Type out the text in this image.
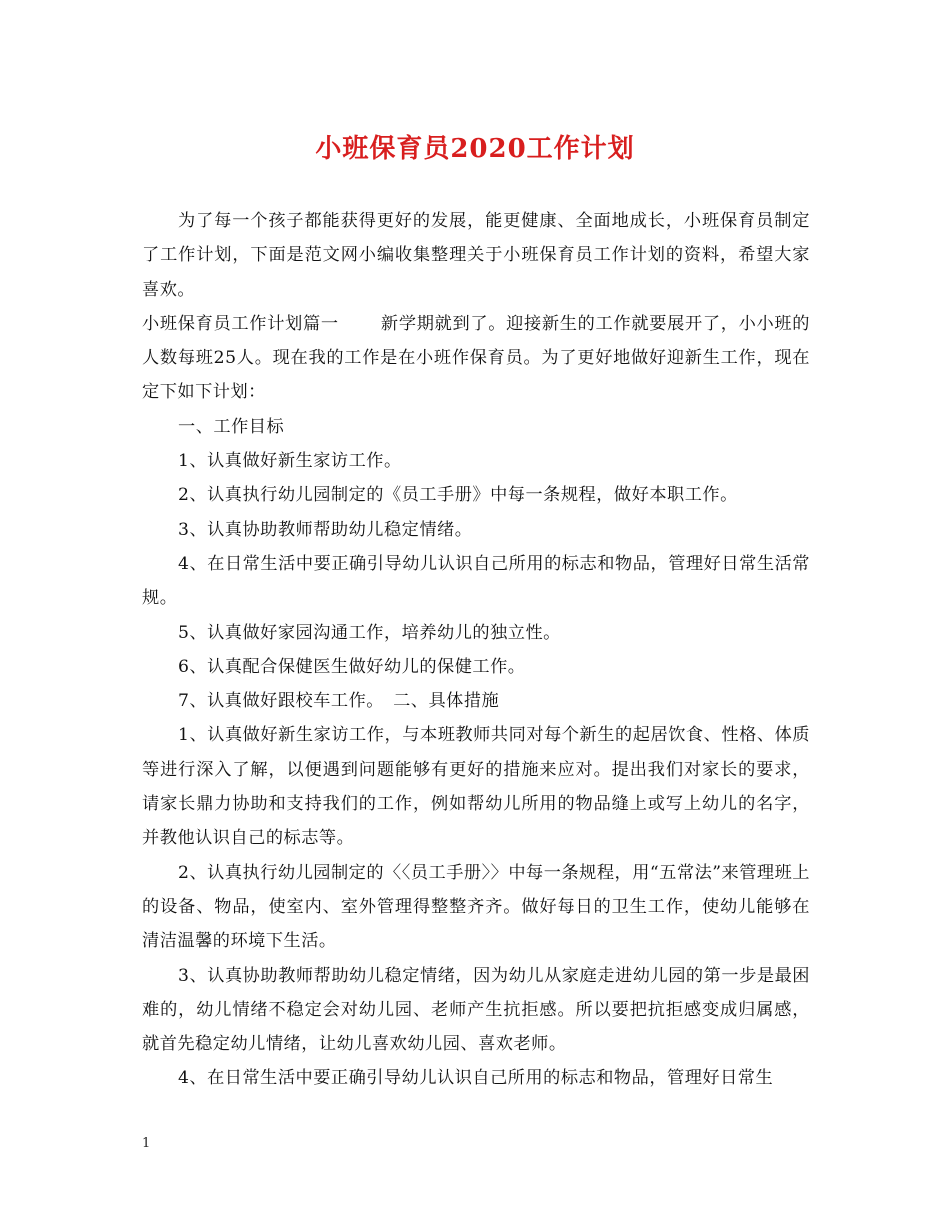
小班保育员2020工作计划

为了每一个孩子都能获得更好的发展，能更健康、全面地成长，小班保育员制定了工作计划，下面是范文网小编收集整理关于小班保育员工作计划的资料，希望大家喜欢。

小班保育员工作计划篇一 新学期就到了。迎接新生的工作就要展开了，小小班的人数每班25人。现在我的工作是在小班作保育员。为了更好地做好迎新生工作，现在定下如下计划：

一、工作目标

1、认真做好新生家访工作。

2、认真执行幼儿园制定的《员工手册》中每一条规程，做好本职工作。

3、认真协助教师帮助幼儿稳定情绪。

4、在日常生活中要正确引导幼儿认识自己所用的标志和物品，管理好日常生活常规。

5、认真做好家园沟通工作，培养幼儿的独立性。

6、认真配合保健医生做好幼儿的保健工作。

7、认真做好跟校车工作。　 二、具体措施

1、认真做好新生家访工作，与本班教师共同对每个新生的起居饮食、性格、体质等进行深入了解，以便遇到问题能够有更好的措施来应对。提出我们对家长的要求，请家长鼎力协助和支持我们的工作，例如帮幼儿所用的物品缝上或写上幼儿的名字，并教他认识自己的标志等。

2、认真执行幼儿园制定的〈〈员工手册〉〉中每一条规程，用“五常法”来管理班上的设备、物品，使室内、室外管理得整整齐齐。做好每日的卫生工作，使幼儿能够在清洁温馨的环境下生活。

3、认真协助教师帮助幼儿稳定情绪，因为幼儿从家庭走进幼儿园的第一步是最困难的，幼儿情绪不稳定会对幼儿园、老师产生抗拒感。所以要把抗拒感变成归属感，就首先稳定幼儿情绪，让幼儿喜欢幼儿园、喜欢老师。

4、在日常生活中要正确引导幼儿认识自己所用的标志和物品，管理好日常生

1
